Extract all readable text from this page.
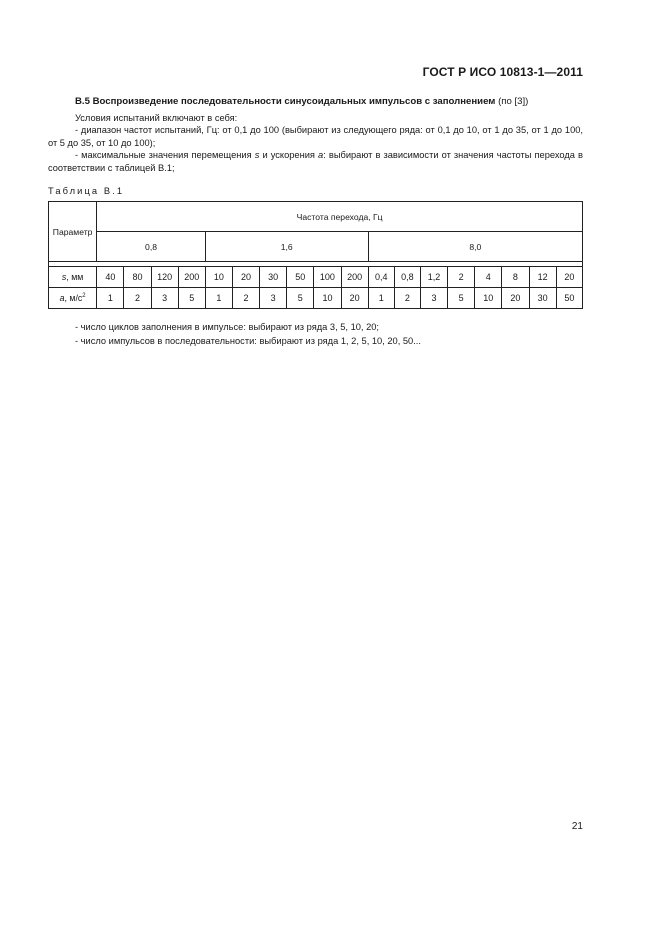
ГОСТ Р ИСО 10813-1—2011
В.5 Воспроизведение последовательности синусоидальных импульсов с заполнением (по [3])
Условия испытаний включают в себя:
- диапазон частот испытаний, Гц: от 0,1 до 100 (выбирают из следующего ряда: от 0,1 до 10, от 1 до 35, от 1 до 100, от 5 до 35, от 10 до 100);
- максимальные значения перемещения s и ускорения a: выбирают в зависимости от значения частоты перехода в соответствии с таблицей В.1;
Таблица В.1
Параметр	Частота перехода, Гц																	
	0,8				1,6						8,0							

s, мм	40	80	120	200	10	20	30	50	100	200	0,4	0,8	1,2	2	4	8	12	20
a, $м/с^2$	1	2	3	5	1	2	3	5	10	20	1	2	3	5	10	20	30	50
- число циклов заполнения в импульсе: выбирают из ряда 3, 5, 10, 20;
- число импульсов в последовательности: выбирают из ряда 1, 2, 5, 10, 20, 50...
21
